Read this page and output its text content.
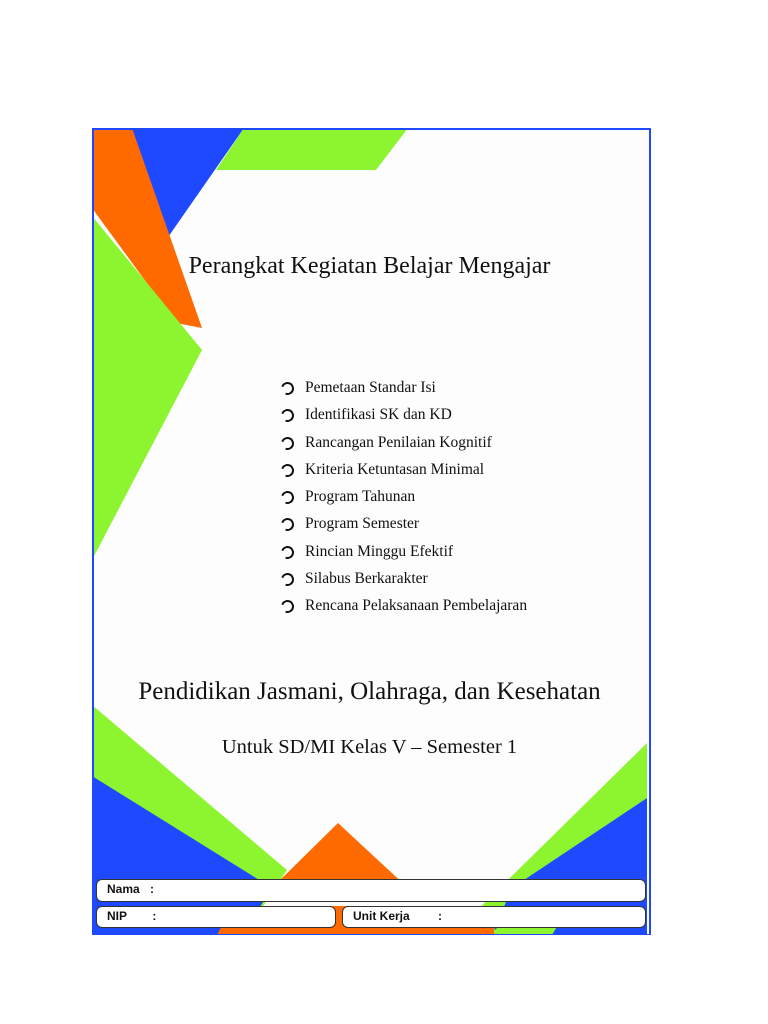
Perangkat Kegiatan Belajar Mengajar
Pemetaan Standar Isi
Identifikasi SK dan KD
Rancangan Penilaian Kognitif
Kriteria Ketuntasan Minimal
Program Tahunan
Program Semester
Rincian Minggu Efektif
Silabus Berkarakter
Rencana Pelaksanaan Pembelajaran
Pendidikan Jasmani, Olahraga, dan Kesehatan
Untuk SD/MI Kelas V – Semester 1
Nama :
NIP :	Unit Kerja :
